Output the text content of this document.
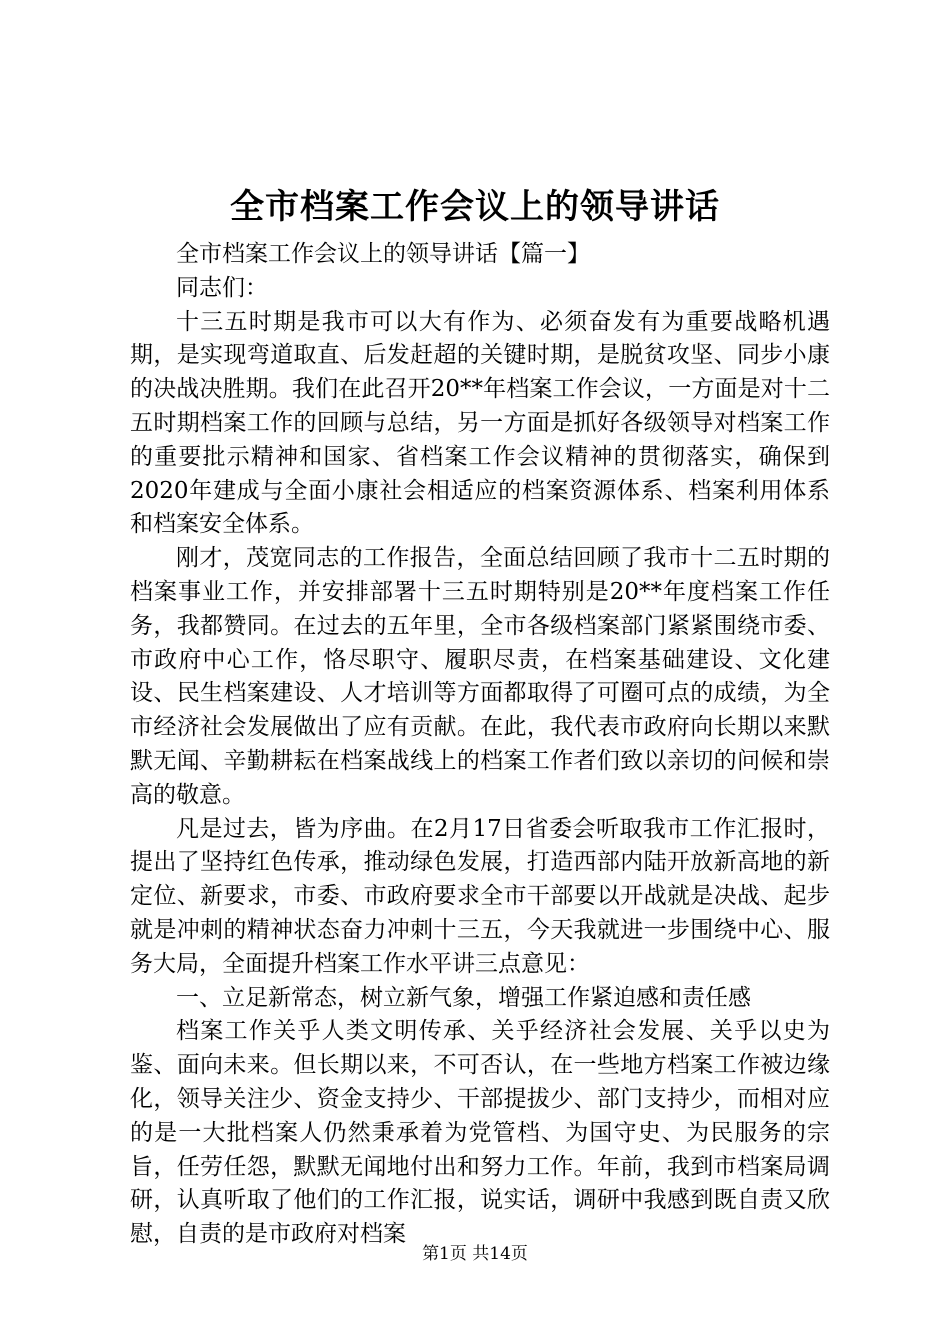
全市档案工作会议上的领导讲话

全市档案工作会议上的领导讲话【篇一】

同志们：

十三五时期是我市可以大有作为、必须奋发有为重要战略机遇期，是实现弯道取直、后发赶超的关键时期，是脱贫攻坚、同步小康的决战决胜期。我们在此召开20**年档案工作会议，一方面是对十二五时期档案工作的回顾与总结，另一方面是抓好各级领导对档案工作的重要批示精神和国家、省档案工作会议精神的贯彻落实，确保到2020年建成与全面小康社会相适应的档案资源体系、档案利用体系和档案安全体系。

刚才，茂宽同志的工作报告，全面总结回顾了我市十二五时期的档案事业工作，并安排部署十三五时期特别是20**年度档案工作任务，我都赞同。在过去的五年里，全市各级档案部门紧紧围绕市委、市政府中心工作，恪尽职守、履职尽责，在档案基础建设、文化建设、民生档案建设、人才培训等方面都取得了可圈可点的成绩，为全市经济社会发展做出了应有贡献。在此，我代表市政府向长期以来默默无闻、辛勤耕耘在档案战线上的档案工作者们致以亲切的问候和崇高的敬意。

凡是过去，皆为序曲。在2月17日省委会听取我市工作汇报时，提出了坚持红色传承，推动绿色发展，打造西部内陆开放新高地的新定位、新要求，市委、市政府要求全市干部要以开战就是决战、起步就是冲刺的精神状态奋力冲刺十三五，今天我就进一步围绕中心、服务大局，全面提升档案工作水平讲三点意见：

一、立足新常态，树立新气象，增强工作紧迫感和责任感

档案工作关乎人类文明传承、关乎经济社会发展、关乎以史为鉴、面向未来。但长期以来，不可否认，在一些地方档案工作被边缘化，领导关注少、资金支持少、干部提拔少、部门支持少，而相对应的是一大批档案人仍然秉承着为党管档、为国守史、为民服务的宗旨，任劳任怨，默默无闻地付出和努力工作。年前，我到市档案局调研，认真听取了他们的工作汇报，说实话，调研中我感到既自责又欣慰，自责的是市政府对档案

第1页 共14页
